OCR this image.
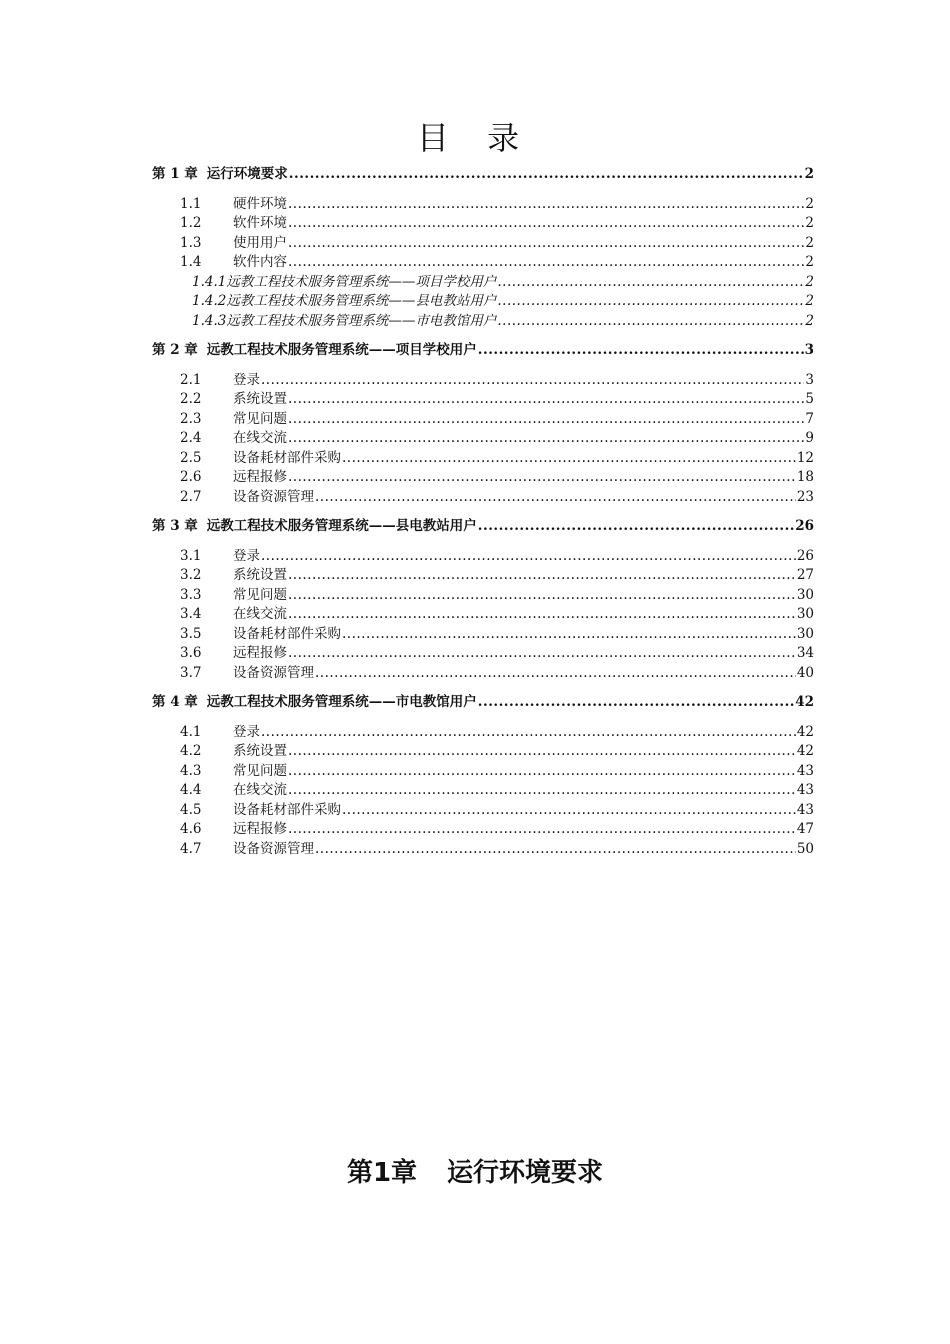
目 录
第 1 章 运行环境要求 .....	2
1.1	硬件环境 .....	2
1.2	软件环境 .....	2
1.3	使用用户 .....	2
1.4	软件内容 .....	2
1.4.1 远教工程技术服务管理系统——项目学校用户 .....	2
1.4.2 远教工程技术服务管理系统——县电教站用户 .....	2
1.4.3 远教工程技术服务管理系统——市电教馆用户 .....	2
第 2 章 远教工程技术服务管理系统——项目学校用户 .....	3
2.1	登录 .....	3
2.2	系统设置 .....	5
2.3	常见问题 .....	7
2.4	在线交流 .....	9
2.5	设备耗材部件采购 .....	12
2.6	远程报修 .....	18
2.7	设备资源管理 .....	23
第 3 章 远教工程技术服务管理系统——县电教站用户 .....	26
3.1	登录 .....	26
3.2	系统设置 .....	27
3.3	常见问题 .....	30
3.4	在线交流 .....	30
3.5	设备耗材部件采购 .....	30
3.6	远程报修 .....	34
3.7	设备资源管理 .....	40
第 4 章 远教工程技术服务管理系统——市电教馆用户 .....	42
4.1	登录 .....	42
4.2	系统设置 .....	42
4.3	常见问题 .....	43
4.4	在线交流 .....	43
4.5	设备耗材部件采购 .....	43
4.6	远程报修 .....	47
4.7	设备资源管理 .....	50
第1章 运行环境要求
